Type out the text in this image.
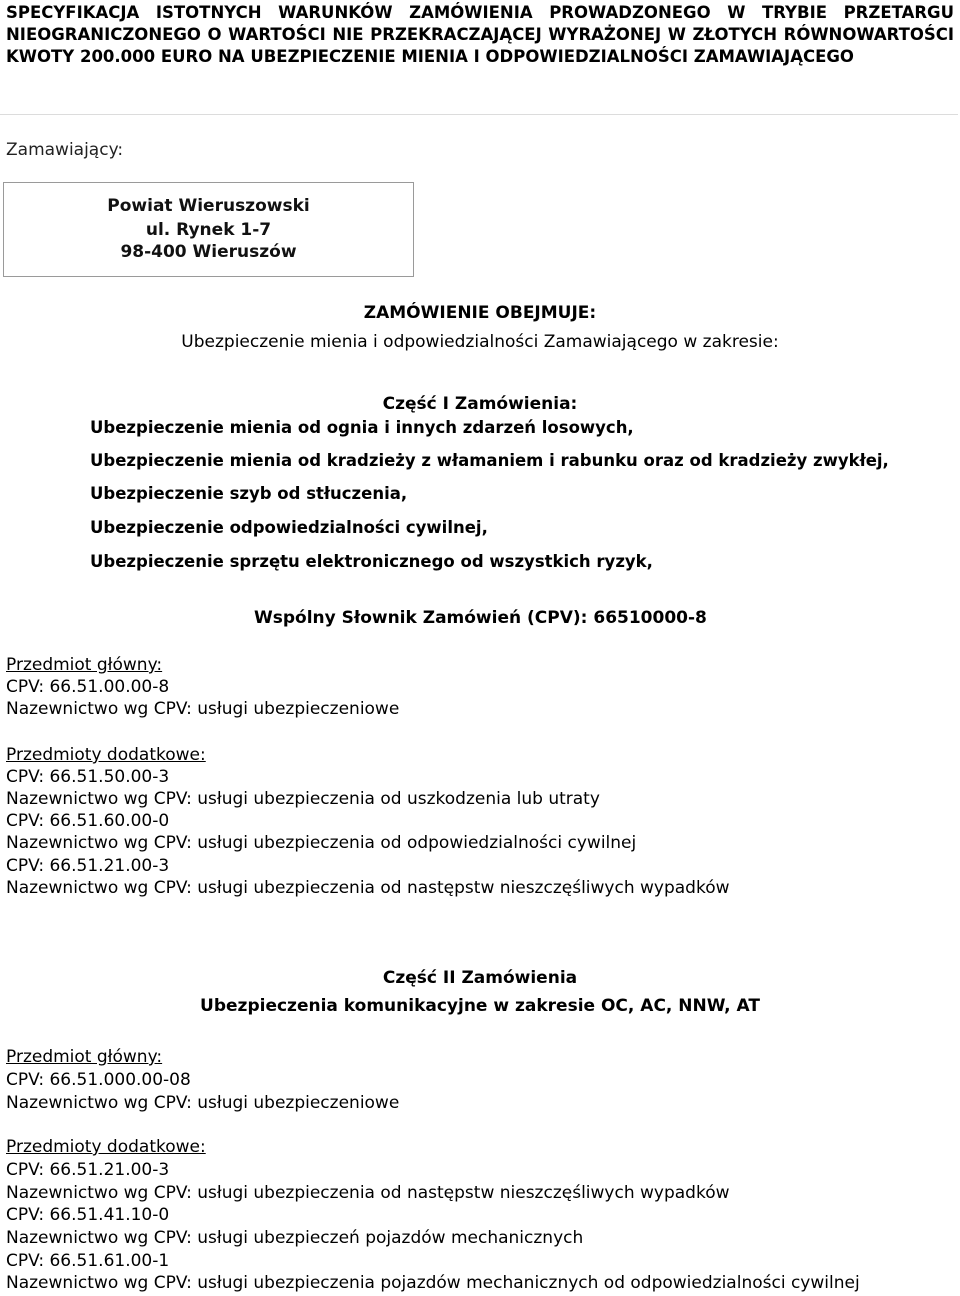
SPECYFIKACJA ISTOTNYCH WARUNKÓW ZAMÓWIENIA PROWADZONEGO W TRYBIE PRZETARGU NIEOGRANICZONEGO O WARTOŚCI NIE PRZEKRACZAJĄCEJ WYRAŻONEJ W ZŁOTYCH RÓWNOWARTOŚCI KWOTY 200.000 EURO NA UBEZPIECZENIE MIENIA I ODPOWIEDZIALNOŚCI ZAMAWIAJĄCEGO
Zamawiający:
Powiat Wieruszowski
ul. Rynek 1-7
98-400 Wieruszów
ZAMÓWIENIE OBEJMUJE:
Ubezpieczenie mienia i odpowiedzialności Zamawiającego w zakresie:
Część I Zamówienia:
Ubezpieczenie mienia od ognia i innych zdarzeń losowych,
Ubezpieczenie mienia od kradzieży z włamaniem i rabunku oraz od kradzieży zwykłej,
Ubezpieczenie szyb od stłuczenia,
Ubezpieczenie odpowiedzialności cywilnej,
Ubezpieczenie sprzętu elektronicznego od wszystkich ryzyk,
Wspólny Słownik Zamówień (CPV): 66510000-8
Przedmiot główny:
CPV: 66.51.00.00-8
Nazewnictwo wg CPV: usługi ubezpieczeniowe
Przedmioty dodatkowe:
CPV: 66.51.50.00-3
Nazewnictwo wg CPV: usługi ubezpieczenia od uszkodzenia lub utraty
CPV: 66.51.60.00-0
Nazewnictwo wg CPV: usługi ubezpieczenia od odpowiedzialności cywilnej
CPV: 66.51.21.00-3
Nazewnictwo wg CPV: usługi ubezpieczenia od następstw nieszczęśliwych wypadków
Część II Zamówienia
Ubezpieczenia komunikacyjne w zakresie OC, AC, NNW, AT
Przedmiot główny:
CPV: 66.51.000.00-08
Nazewnictwo wg CPV: usługi ubezpieczeniowe
Przedmioty dodatkowe:
CPV: 66.51.21.00-3
Nazewnictwo wg CPV: usługi ubezpieczenia od następstw nieszczęśliwych wypadków
CPV: 66.51.41.10-0
Nazewnictwo wg CPV: usługi ubezpieczeń pojazdów mechanicznych
CPV: 66.51.61.00-1
Nazewnictwo wg CPV: usługi ubezpieczenia pojazdów mechanicznych od odpowiedzialności cywilnej
